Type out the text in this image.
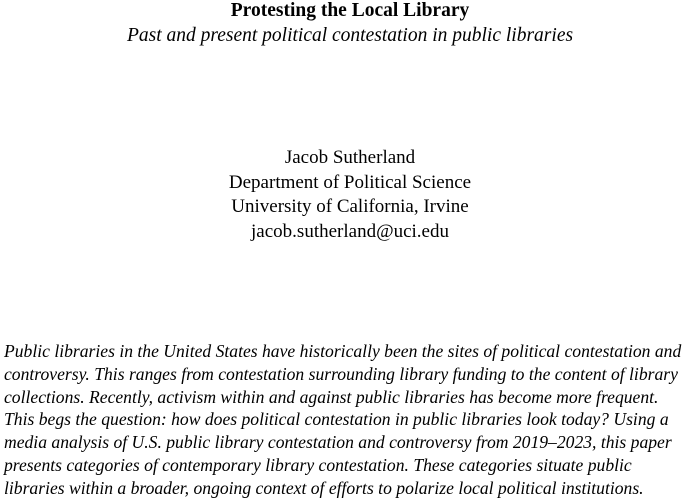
Protesting the Local Library
Past and present political contestation in public libraries
Jacob Sutherland
Department of Political Science
University of California, Irvine
jacob.sutherland@uci.edu
Public libraries in the United States have historically been the sites of political contestation and
controversy. This ranges from contestation surrounding library funding to the content of library
collections. Recently, activism within and against public libraries has become more frequent.
This begs the question: how does political contestation in public libraries look today? Using a
media analysis of U.S. public library contestation and controversy from 2019–2023, this paper
presents categories of contemporary library contestation. These categories situate public
libraries within a broader, ongoing context of efforts to polarize local political institutions.
